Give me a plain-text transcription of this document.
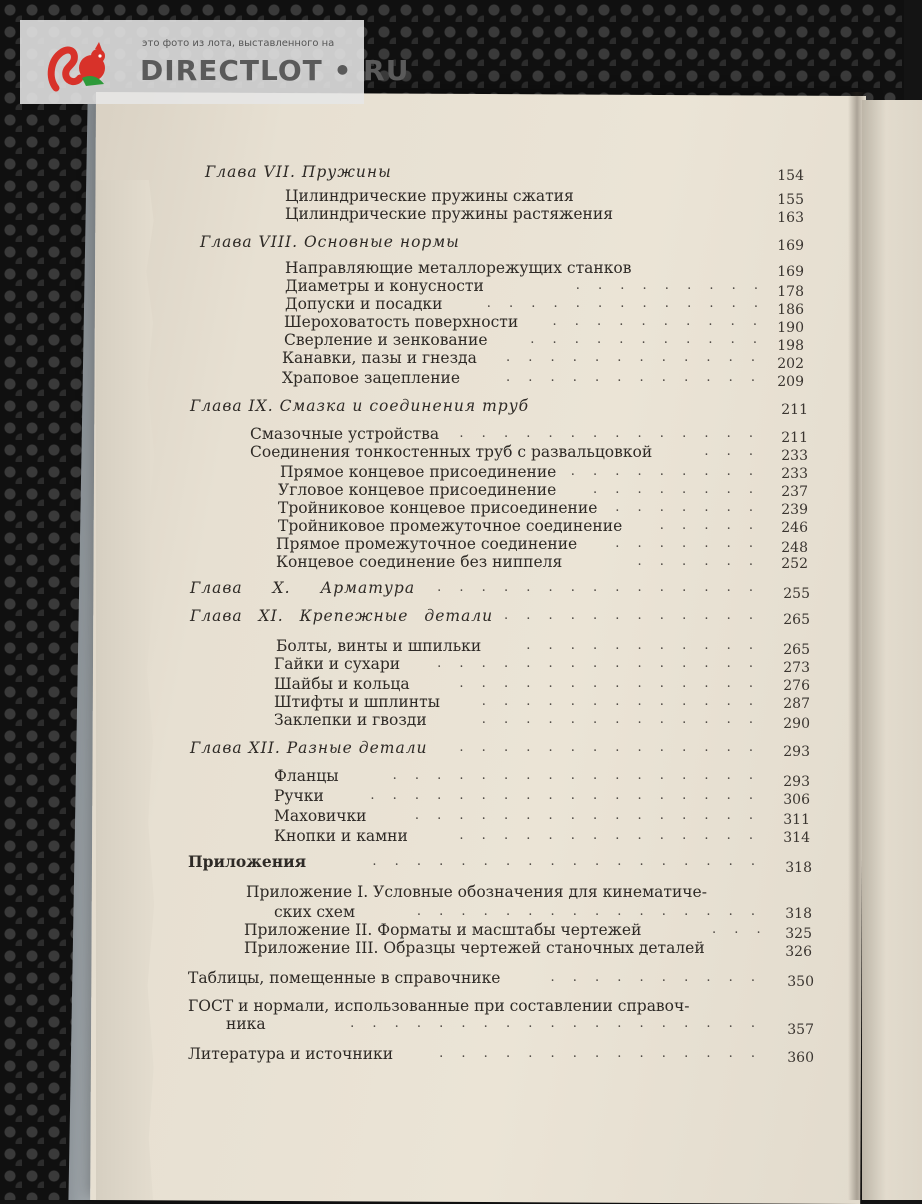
это фото из лота, выставленного на
DIRECTLOT • RU
Глава VII. Пружины	154
Цилиндрические пружины сжатия	155
Цилиндрические пружины растяжения	163
Глава VIII. Основные нормы	169
Направляющие металлорежущих станков	169
Диаметры и конусности	. . . . . . . . . 178
Допуски и посадки	. . . . . . . . . . . . . 186
Шероховатость поверхности	. . . . . . . . . . 190
Сверление и зенкование	. . . . . . . . . . . 198
Канавки, пазы и гнезда	. . . . . . . . . . . .	202
Храповое зацепление	. . . . . . . . . . . .	209
Глава IX. Смазка и соединения труб	211
Смазочные устройства	. . . . . . . . . . . . . .	211
Соединения тонкостенных труб с развальцовкой	. . .	233
Прямое концевое присоединение	. . . . . . . . .	233
Угловое концевое присоединение	. . . . . . . .	237
Тройниковое концевое присоединение	. . . . . . .	239
Тройниковое промежуточное соединение	. . . . .	246
Прямое промежуточное соединение	. . . . . . .	248
Концевое соединение без ниппеля	. . . . . .	252
Глава X. Арматура	. . . . . . . . . . . . . . .	255
Глава XI. Крепежные детали . . . . . . . . . . . .	265
Болты, винты и шпильки	. . . . . . . . . . .	265
Гайки и сухари	. . . . . . . . . . . . . . .	273
Шайбы и кольца	. . . . . . . . . . . . . .	276
Штифты и шплинты	. . . . . . . . . . . . .	287
Заклепки и гвозди	. . . . . . . . . . . . .	290
Глава XII. Разные детали	. . . . . . . . . . . . . .	293
Фланцы	. . . . . . . . . . . . . . . . .	293
Ручки	. . . . . . . . . . . . . . . . . .	306
Маховички	. . . . . . . . . . . . . . . .	311
Кнопки и камни	. . . . . . . . . . . . . .	314
Приложения	. . . . . . . . . . . . . . . . . .	318
Приложение I. Условные обозначения для кинематиче-
ских схем	. . . . . . . . . . . . . . . .	318
Приложение II. Форматы и масштабы чертежей	. . .	325
Приложение III. Образцы чертежей станочных деталей	326
Таблицы, помещенные в справочнике	. . . . . . . . . .	350
ГОСТ и нормали, использованные при составлении справоч-
ника	. . . . . . . . . . . . . . . . . . .	357
Литература и источники	. . . . . . . . . . . . . . .	360
